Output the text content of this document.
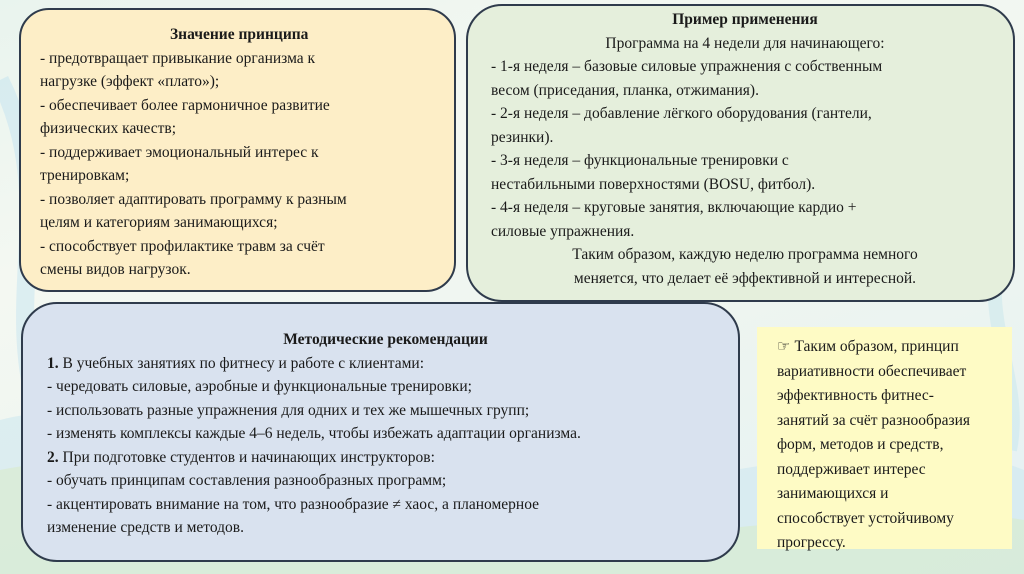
Значение принципа

- предотвращает привыкание организма к

нагрузке (эффект «плато»);

- обеспечивает более гармоничное развитие

физических качеств;

- поддерживает эмоциональный интерес к

тренировкам;

- позволяет адаптировать программу к разным

целям и категориям занимающихся;

- способствует профилактике травм за счёт

смены видов нагрузок.

Пример применения

Программа на 4 недели для начинающего:

- 1-я неделя – базовые силовые упражнения с собственным

весом (приседания, планка, отжимания).

- 2-я неделя – добавление лёгкого оборудования (гантели,

резинки).

- 3-я неделя – функциональные тренировки с

нестабильными поверхностями (BOSU, фитбол).

- 4-я неделя – круговые занятия, включающие кардио +

силовые упражнения.

Таким образом, каждую неделю программа немного

меняется, что делает её эффективной и интересной.

Методические рекомендации

1. В учебных занятиях по фитнесу и работе с клиентами:

- чередовать силовые, аэробные и функциональные тренировки;

- использовать разные упражнения для одних и тех же мышечных групп;

- изменять комплексы каждые 4–6 недель, чтобы избежать адаптации организма.

2. При подготовке студентов и начинающих инструкторов:

- обучать принципам составления разнообразных программ;

- акцентировать внимание на том, что разнообразие ≠ хаос, а планомерное

изменение средств и методов.

☞ Таким образом, принцип

вариативности обеспечивает

эффективность фитнес-

занятий за счёт разнообразия

форм, методов и средств,

поддерживает интерес

занимающихся и

способствует устойчивому

прогрессу.
